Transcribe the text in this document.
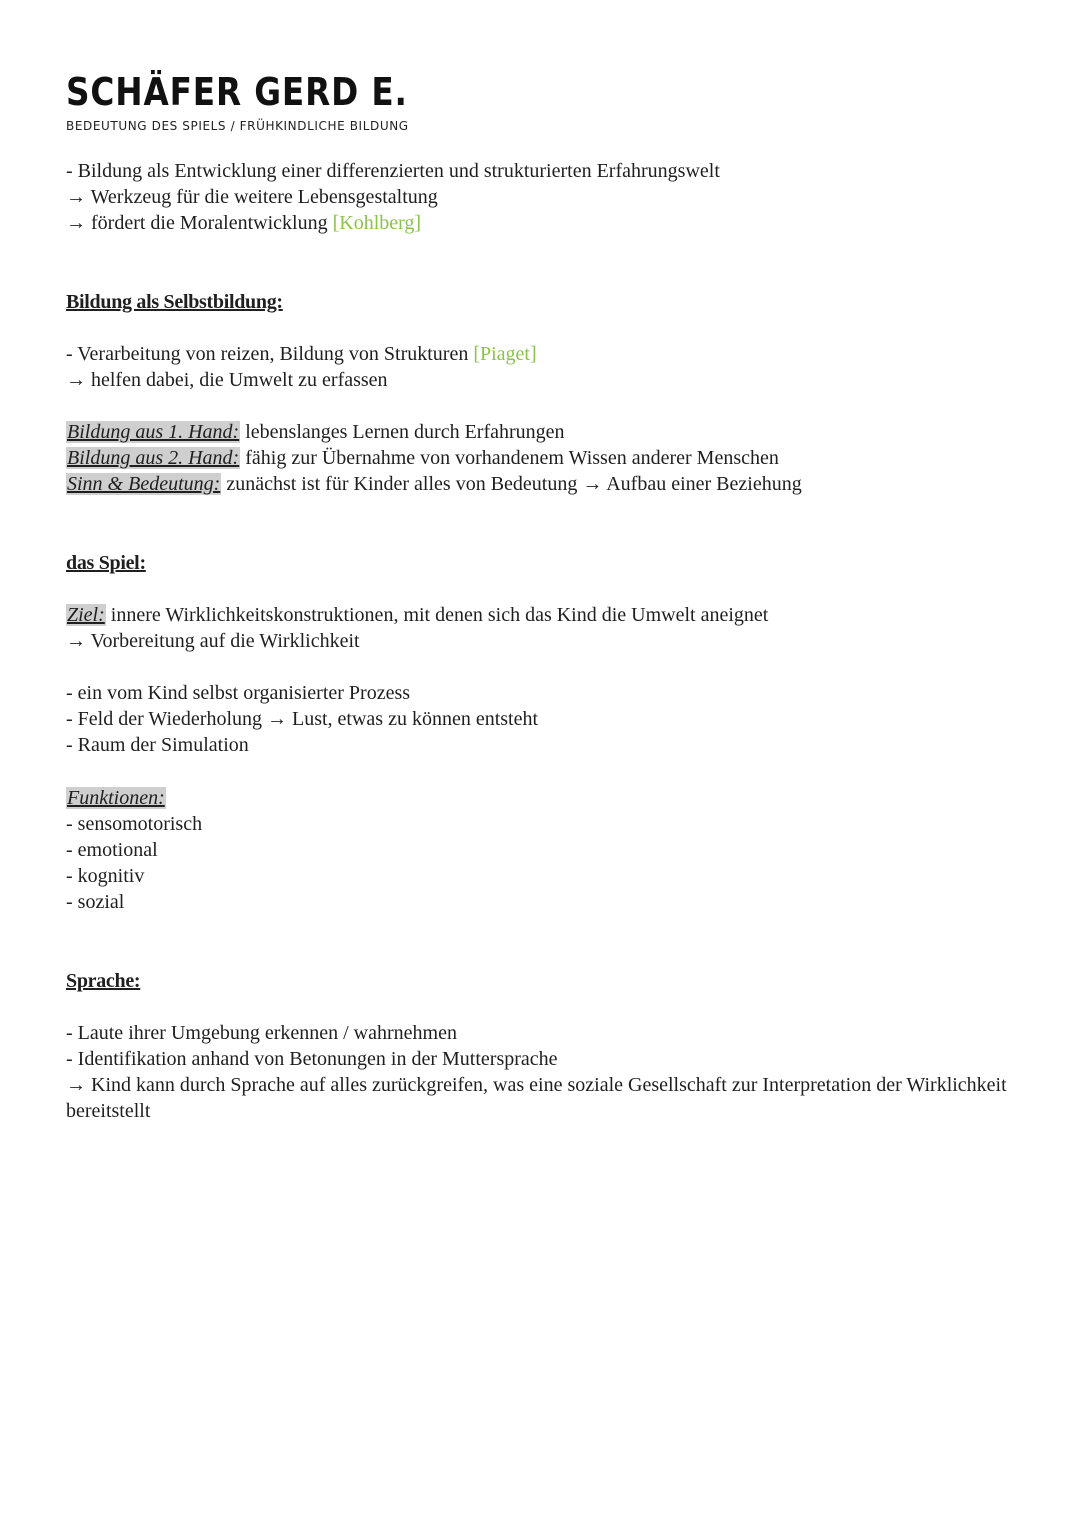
SCHÄFER GERD E.
BEDEUTUNG DES SPIELS / FRÜHKINDLICHE BILDUNG
- Bildung als Entwicklung einer differenzierten und strukturierten Erfahrungswelt
→ Werkzeug für die weitere Lebensgestaltung
→ fördert die Moralentwicklung [Kohlberg]
Bildung als Selbstbildung:
- Verarbeitung von reizen, Bildung von Strukturen [Piaget]
→ helfen dabei, die Umwelt zu erfassen
Bildung aus 1. Hand: lebenslanges Lernen durch Erfahrungen
Bildung aus 2. Hand: fähig zur Übernahme von vorhandenem Wissen anderer Menschen
Sinn & Bedeutung: zunächst ist für Kinder alles von Bedeutung → Aufbau einer Beziehung
das Spiel:
Ziel: innere Wirklichkeitskonstruktionen, mit denen sich das Kind die Umwelt aneignet
→ Vorbereitung auf die Wirklichkeit
- ein vom Kind selbst organisierter Prozess
- Feld der Wiederholung → Lust, etwas zu können entsteht
- Raum der Simulation
Funktionen:
- sensomotorisch
- emotional
- kognitiv
- sozial
Sprache:
- Laute ihrer Umgebung erkennen / wahrnehmen
- Identifikation anhand von Betonungen in der Muttersprache
→ Kind kann durch Sprache auf alles zurückgreifen, was eine soziale Gesellschaft zur Interpretation der Wirklichkeit bereitstellt
